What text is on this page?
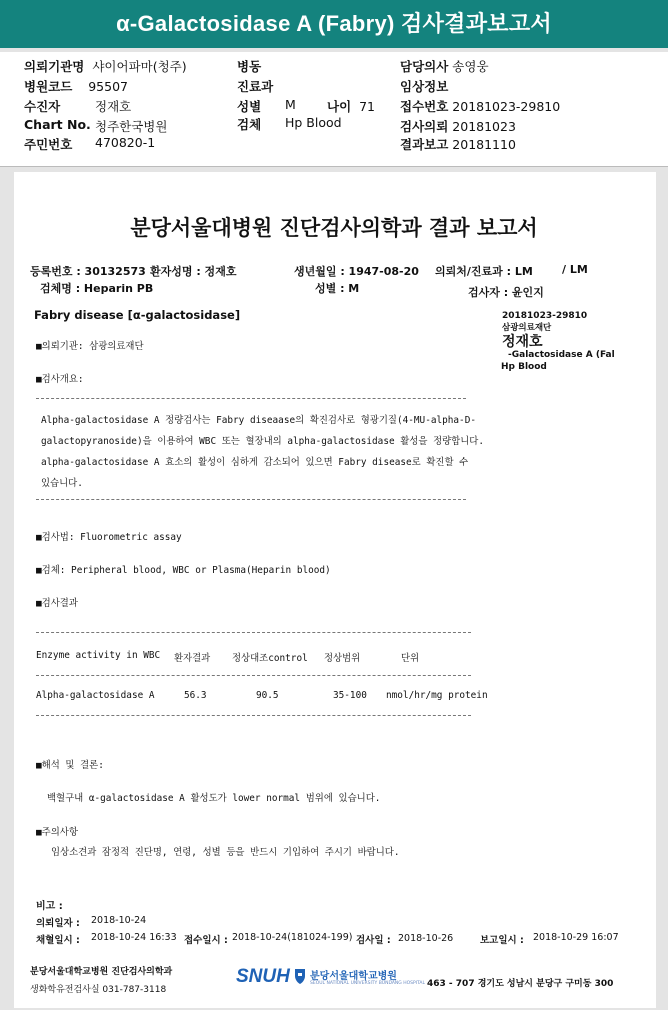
α-Galactosidase A (Fabry) 검사결과보고서
의뢰기관명 샤이어파마(청주)	병동	담당의사 송영웅
병원코드 95507	진료과	임상정보
수진자	정재호	성별 M 나이 71 접수번호 20181023-29810
Chart No. 청주한국병원	검체 Hp Blood	검사의뢰 20181023
주민번호 470820-1	결과보고 20181110
분당서울대병원 진단검사의학과 결과 보고서
등록번호 : 30132573 환자성명 : 정재호	생년월일 : 1947-08-20 의뢰처/진료과 : LM	/ LM
검체명 : Heparin PB	성별 : M	검사자 : 윤인지
Fabry disease [α-galactosidase]	20181023-29810
삼광의료재단
정재호
-Galactosidase A (Fal
Hp Blood
■의뢰기관: 삼광의료재단
■검사개요:
Alpha-galactosidase A 정량검사는 Fabry diseaase의 확진검사로 형광기질(4-MU-alpha-D-
galactopyranoside)을 이용하여 WBC 또는 혈장내의 alpha-galactosidase 활성을 정량합니다.
alpha-galactosidase A 효소의 활성이 심하게 감소되어 있으면 Fabry disease로 확진할 수
있습니다.
■검사법: Fluorometric assay
■검체: Peripheral blood, WBC or Plasma(Heparin blood)
■검사결과
Enzyme activity in WBC 환자결과 정상대조control 정상범위	단위
Alpha-galactosidase A	56.3	90.5	35-100 nmol/hr/mg protein
■해석 및 결론:
백혈구내 α-galactosidase A 활성도가 lower normal 범위에 있습니다.
■주의사항
임상소견과 잠정적 진단명, 연령, 성별 등을 반드시 기입하여 주시기 바랍니다.
비고 :
의뢰일자 : 2018-10-24
채혈일시 : 2018-10-24 16:33 접수일시 : 2018-10-24(181024-199) 검사일 : 2018-10-26	보고일시 : 2018-10-29 16:07
분당서울대학교병원 진단검사의학과
생화학유전검사실 031-787-3118
SNUH 분당서울대학교병원
SEOUL NATIONAL UNIVERSITY BUNDANG HOSPITAL 463 - 707 경기도 성남시 분당구 구미동 300
